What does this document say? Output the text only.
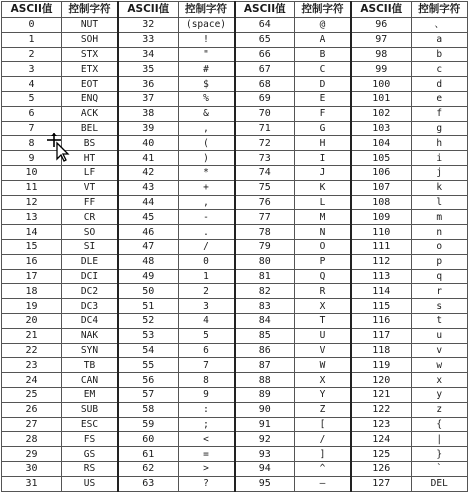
ASCII值	控制字符	ASCII值	控制字符	ASCII值	控制字符	ASCII值	控制字符
0	NUT	32	(space)	64	@	96	、
1	SOH	33	!	65	A	97	a
2	STX	34	"	66	B	98	b
3	ETX	35	#	67	C	99	c
4	EOT	36	$	68	D	100	d
5	ENQ	37	%	69	E	101	e
6	ACK	38	&	70	F	102	f
7	BEL	39	,	71	G	103	g
8	BS	40	(	72	H	104	h
9	HT	41	)	73	I	105	i
10	LF	42	*	74	J	106	j
11	VT	43	+	75	K	107	k
12	FF	44	,	76	L	108	l
13	CR	45	-	77	M	109	m
14	SO	46	.	78	N	110	n
15	SI	47	/	79	O	111	o
16	DLE	48	0	80	P	112	p
17	DCI	49	1	81	Q	113	q
18	DC2	50	2	82	R	114	r
19	DC3	51	3	83	X	115	s
20	DC4	52	4	84	T	116	t
21	NAK	53	5	85	U	117	u
22	SYN	54	6	86	V	118	v
23	TB	55	7	87	W	119	w
24	CAN	56	8	88	X	120	x
25	EM	57	9	89	Y	121	y
26	SUB	58	:	90	Z	122	z
27	ESC	59	;	91	[	123	{
28	FS	60	<	92	/	124	|
29	GS	61	=	93	]	125	}
30	RS	62	>	94	^	126	`
31	US	63	?	95	—	127	DEL
